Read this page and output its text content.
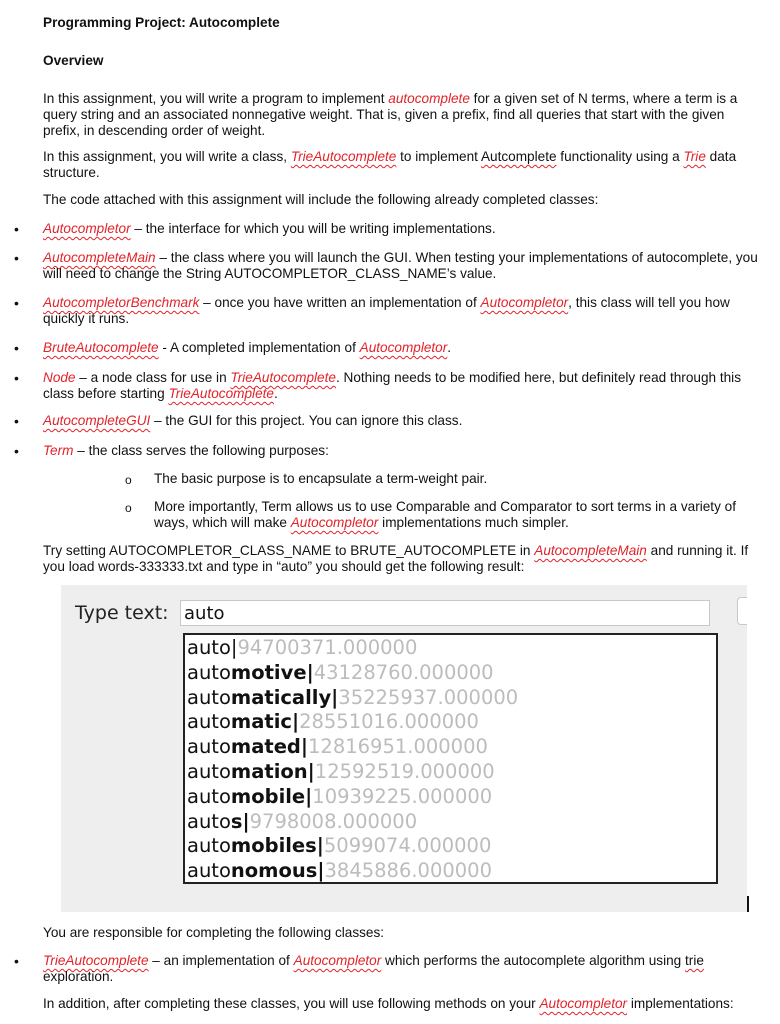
Programming Project: Autocomplete
Overview
In this assignment, you will write a program to implement autocomplete for a given set of N terms, where a term is a query string and an associated nonnegative weight. That is, given a prefix, find all queries that start with the given prefix, in descending order of weight.
In this assignment, you will write a class, TrieAutocomplete to implement Autcomplete functionality using a Trie data structure.
The code attached with this assignment will include the following already completed classes:
•
Autocompletor – the interface for which you will be writing implementations.
•
AutocompleteMain – the class where you will launch the GUI. When testing your implementations of autocomplete, you will need to change the String AUTOCOMPLETOR_CLASS_NAME’s value.
•
AutocompletorBenchmark – once you have written an implementation of Autocompletor, this class will tell you how quickly it runs.
•
BruteAutocomplete - A completed implementation of Autocompletor.
•
Node – a node class for use in TrieAutocomplete. Nothing needs to be modified here, but definitely read through this class before starting TrieAutocomplete.
•
AutocompleteGUI – the GUI for this project. You can ignore this class.
•
Term – the class serves the following purposes:
o
The basic purpose is to encapsulate a term-weight pair.
o
More importantly, Term allows us to use Comparable and Comparator to sort terms in a variety of ways, which will make Autocompletor implementations much simpler.
Try setting AUTOCOMPLETOR_CLASS_NAME to BRUTE_AUTOCOMPLETE in AutocompleteMain and running it. If you load words-333333.txt and type in “auto” you should get the following result:
Type text: auto
auto|94700371.000000
automotive|43128760.000000
automatically|35225937.000000
automatic|28551016.000000
automated|12816951.000000
automation|12592519.000000
automobile|10939225.000000
autos|9798008.000000
automobiles|5099074.000000
autonomous|3845886.000000
You are responsible for completing the following classes:
•
TrieAutocomplete – an implementation of Autocompletor which performs the autocomplete algorithm using trie exploration.
In addition, after completing these classes, you will use following methods on your Autocompletor implementations:
